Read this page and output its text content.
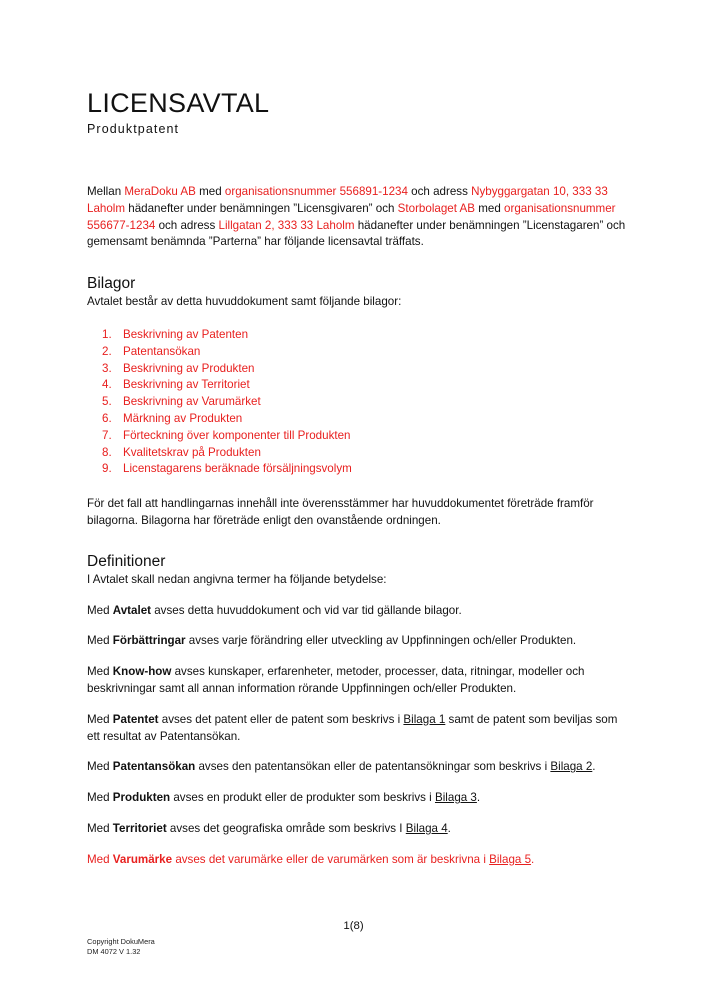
LICENSAVTAL
Produktpatent

Mellan MeraDoku AB med organisationsnummer 556891-1234 och adress Nybyggargatan 10, 333 33 Laholm hädanefter under benämningen ”Licensgivaren” och Storbolaget AB med organisationsnummer 556677-1234 och adress Lillgatan 2, 333 33 Laholm hädanefter under benämningen ”Licenstagaren” och gemensamt benämnda ”Parterna” har följande licensavtal träffats.

Bilagor

Avtalet består av detta huvuddokument samt följande bilagor:

1. Beskrivning av Patenten
2. Patentansökan
3. Beskrivning av Produkten
4. Beskrivning av Territoriet
5. Beskrivning av Varumärket
6. Märkning av Produkten
7. Förteckning över komponenter till Produkten
8. Kvalitetskrav på Produkten
9. Licenstagarens beräknade försäljningsvolym

För det fall att handlingarnas innehåll inte överensstämmer har huvuddokumentet företräde framför bilagorna. Bilagorna har företräde enligt den ovanstående ordningen.

Definitioner

I Avtalet skall nedan angivna termer ha följande betydelse:

Med Avtalet avses detta huvuddokument och vid var tid gällande bilagor.

Med Förbättringar avses varje förändring eller utveckling av Uppfinningen och/eller Produkten.

Med Know-how avses kunskaper, erfarenheter, metoder, processer, data, ritningar, modeller och beskrivningar samt all annan information rörande Uppfinningen och/eller Produkten.

Med Patentet avses det patent eller de patent som beskrivs i Bilaga 1 samt de patent som beviljas som ett resultat av Patentansökan.

Med Patentansökan avses den patentansökan eller de patentansökningar som beskrivs i Bilaga 2.

Med Produkten avses en produkt eller de produkter som beskrivs i Bilaga 3.

Med Territoriet avses det geografiska område som beskrivs I Bilaga 4.

Med Varumärke avses det varumärke eller de varumärken som är beskrivna i Bilaga 5.

1(8)
Copyright DokuMera
DM 4072 V 1.32
